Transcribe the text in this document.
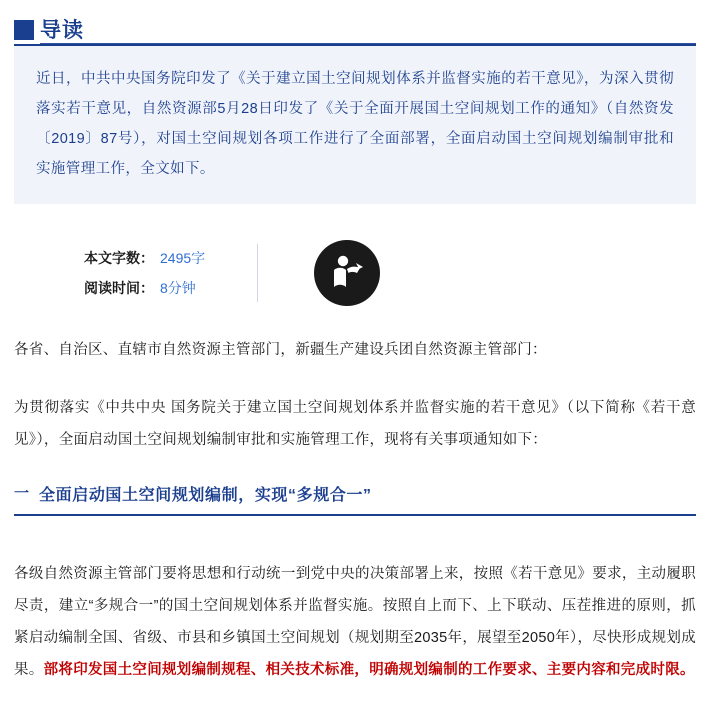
导读
近日，中共中央国务院印发了《关于建立国土空间规划体系并监督实施的若干意见》，为深入贯彻落实若干意见，自然资源部5月28日印发了《关于全面开展国土空间规划工作的通知》（自然资发〔2019〕87号），对国土空间规划各项工作进行了全面部署，全面启动国土空间规划编制审批和实施管理工作，全文如下。
本文字数： 2495字
阅读时间： 8分钟

各省、自治区、直辖市自然资源主管部门，新疆生产建设兵团自然资源主管部门：

为贯彻落实《中共中央 国务院关于建立国土空间规划体系并监督实施的若干意见》（以下简称《若干意见》），全面启动国土空间规划编制审批和实施管理工作，现将有关事项通知如下：

一 全面启动国土空间规划编制，实现“多规合一”

各级自然资源主管部门要将思想和行动统一到党中央的决策部署上来，按照《若干意见》要求，主动履职尽责，建立“多规合一”的国土空间规划体系并监督实施。按照自上而下、上下联动、压茬推进的原则，抓紧启动编制全国、省级、市县和乡镇国土空间规划（规划期至2035年，展望至2050年），尽快形成规划成果。部将印发国土空间规划编制规程、相关技术标准，明确规划编制的工作要求、主要内容和完成时限。
